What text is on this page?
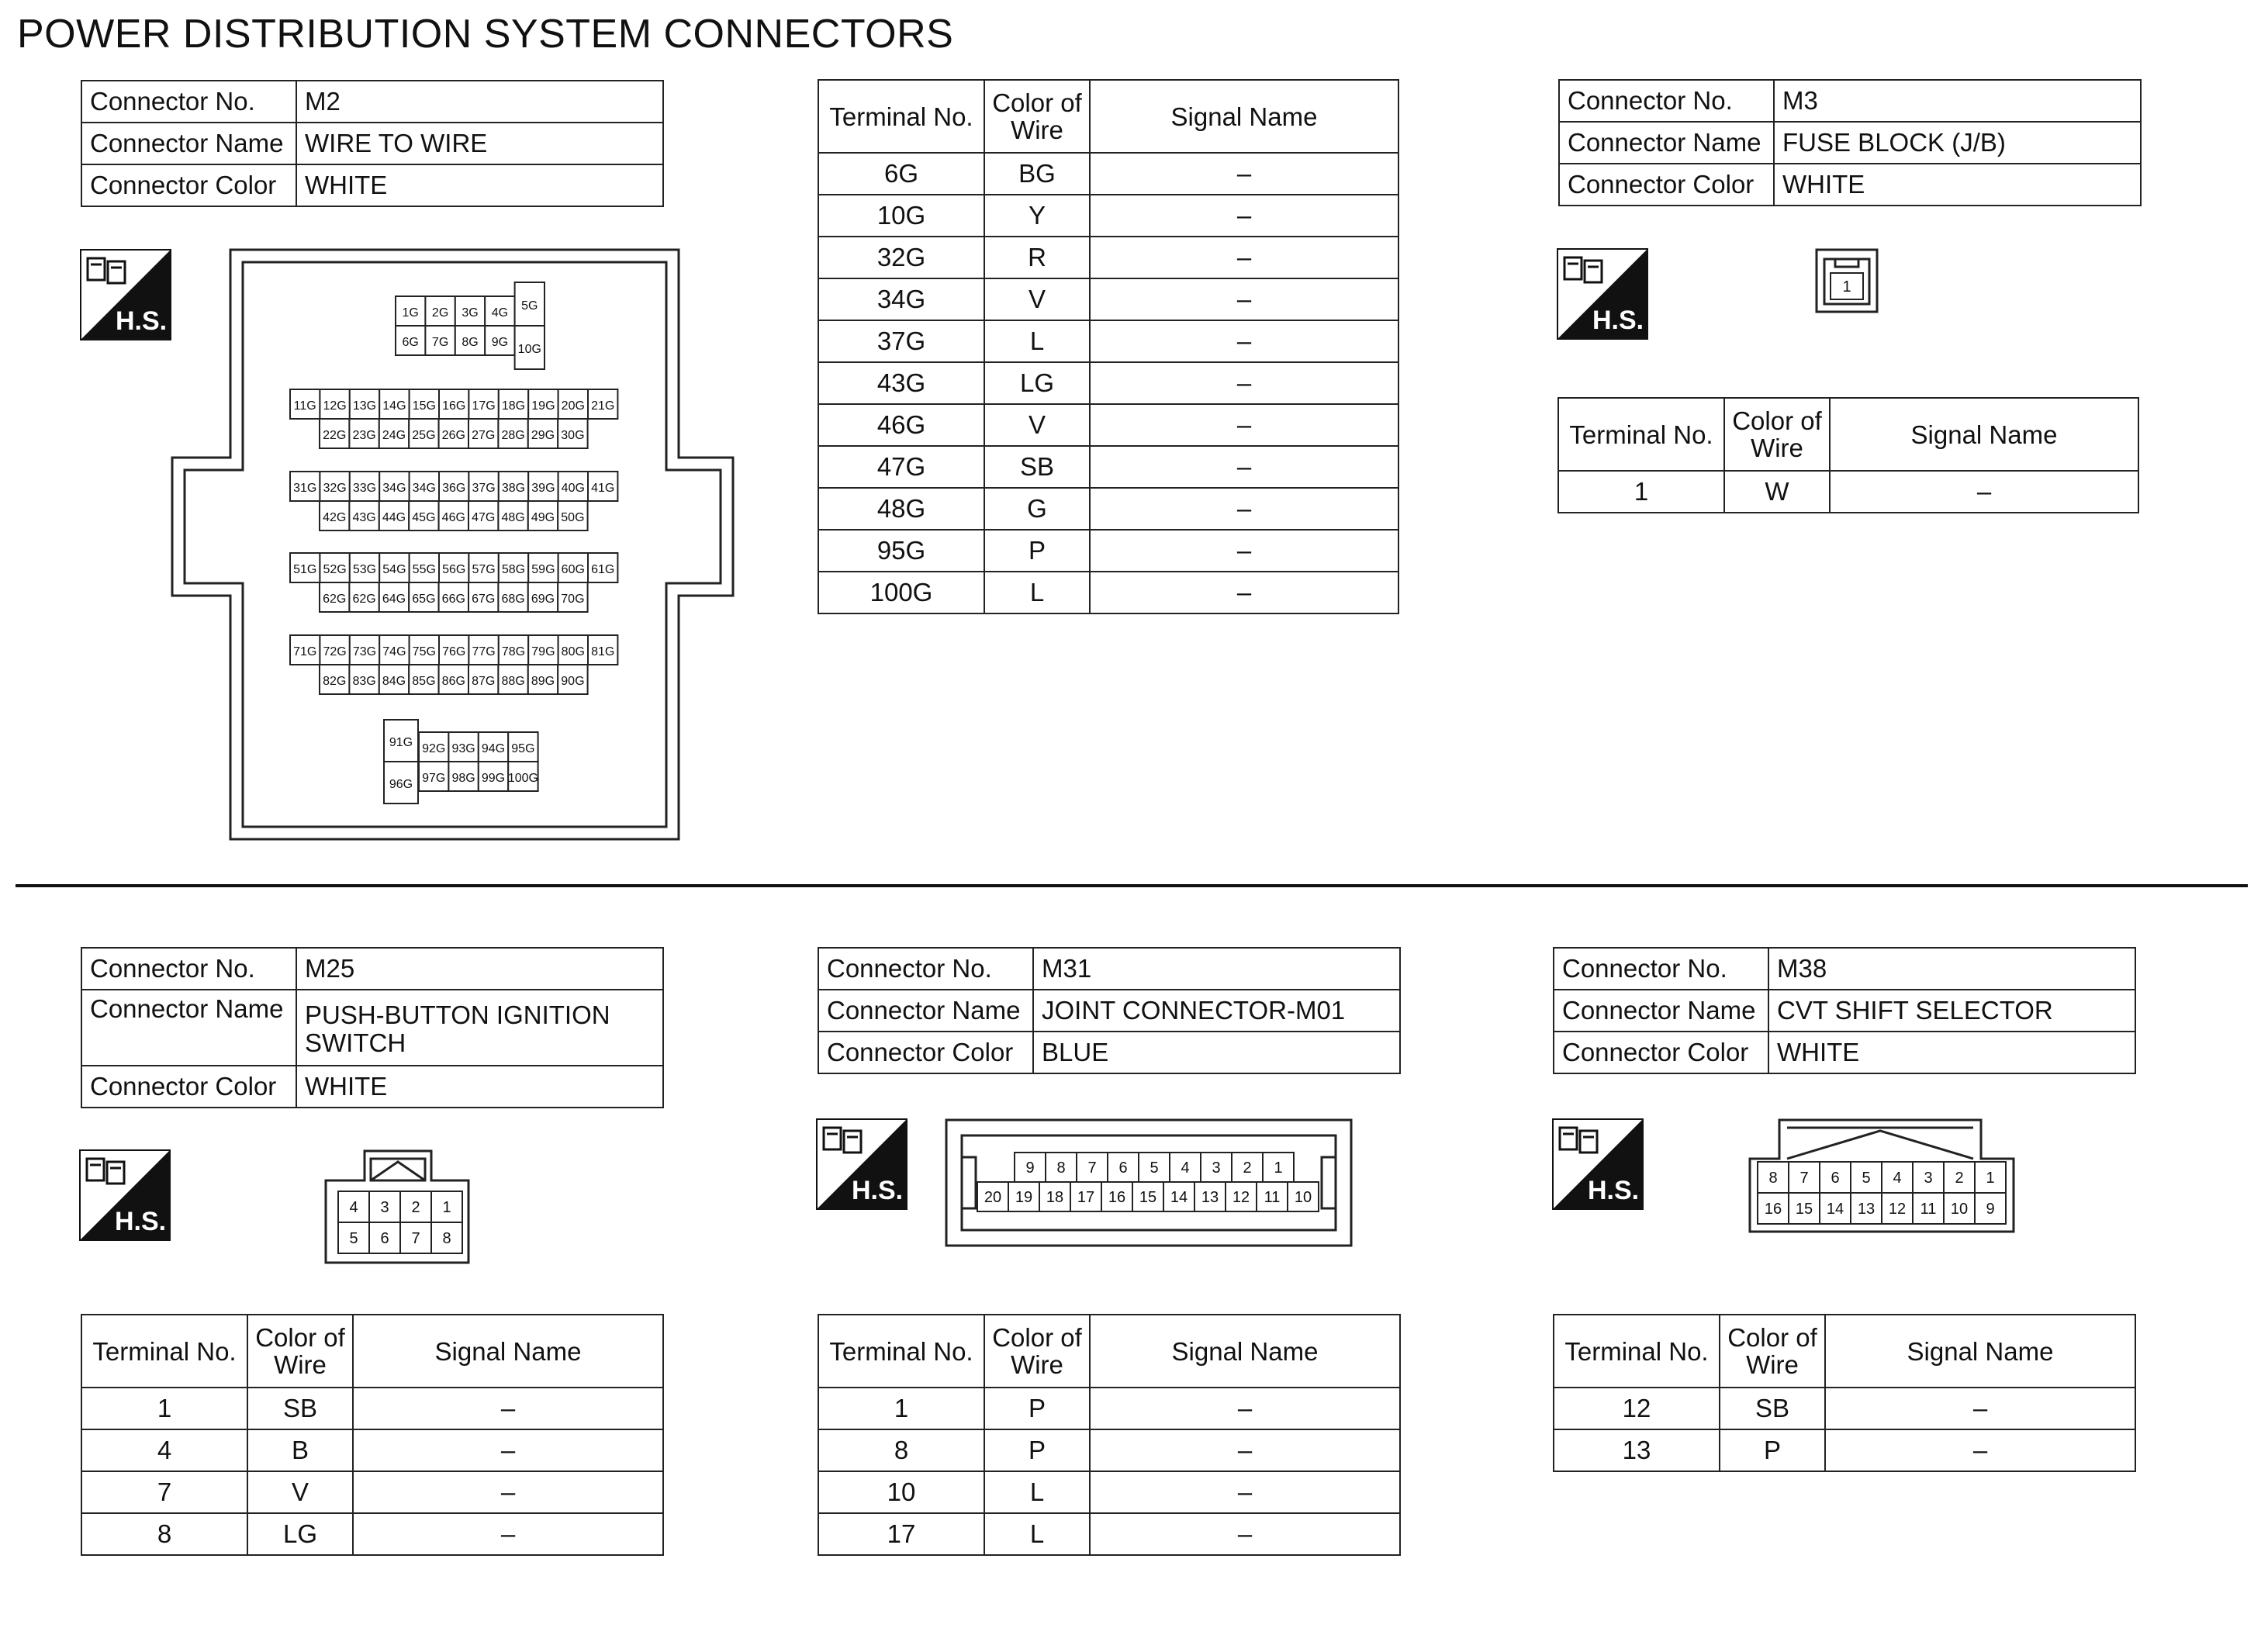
POWER DISTRIBUTION SYSTEM CONNECTORS
Connector No.	M2
Connector Name	WIRE TO WIRE
Connector Color	WHITE
H.S.	1G 2G 3G 4G
5G
6G 7G 8G 9G
10G
11G 12G 13G 14G 15G 16G 17G 18G 19G 20G 21G
22G 23G 24G 25G 26G 27G 28G 29G 30G
31G 32G 33G 34G 34G 36G 37G 38G 39G 40G 41G
42G 43G 44G 45G 46G 47G 48G 49G 50G
51G 52G 53G 54G 55G 56G 57G 58G 59G 60G 61G
62G 62G 64G 65G 66G 67G 68G 69G 70G
71G 72G 73G 74G 75G 76G 77G 78G 79G 80G 81G
82G 83G 84G 85G 86G 87G 88G 89G 90G
91G 92G 93G 94G 95G
96G 97G 98G 99G 100G
Terminal No.	Color of Wire	Signal Name
6G	BG	–
10G	Y	–
32G	R	–
34G	V	–
37G	L	–
43G	LG	–
46G	V	–
47G	SB	–
48G	G	–
95G	P	–
100G	L	–
Connector No.	M3
Connector Name	FUSE BLOCK (J/B)
Connector Color	WHITE
H.S.
1
Terminal No.	Color of Wire	Signal Name
1	W	–
Connector No.	M25
Connector Name	PUSH-BUTTON IGNITION SWITCH
Connector Color	WHITE
H.S.	4 3 2 1
5 6 7 8
Terminal No.	Color of Wire	Signal Name
1	SB	–
4	B	–
7	V	–
8	LG	–
Connector No.	M31
Connector Name	JOINT CONNECTOR-M01
Connector Color	BLUE
H.S.
9 8 7 6 5 4 3 2 1
20 19 18 17 16 15 14 13 12 11 10
Terminal No.	Color of Wire	Signal Name
1	P	–
8	P	–
10	L	–
17	L	–
Connector No.	M38
Connector Name	CVT SHIFT SELECTOR
Connector Color	WHITE
H.S.	8 7 6 5 4 3 2 1
16 15 14 13 12 11 10 9
Terminal No.	Color of Wire	Signal Name
12	SB	–
13	P	–
